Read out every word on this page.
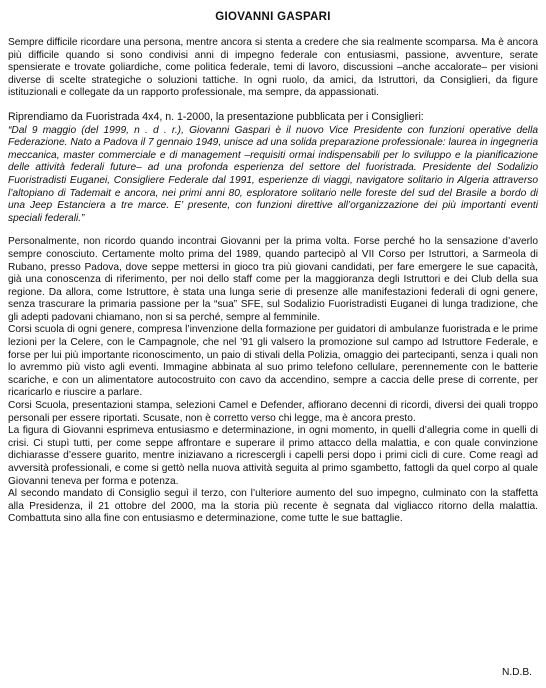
GIOVANNI GASPARI

Sempre difficile ricordare una persona, mentre ancora si stenta a credere che sia realmente scomparsa. Ma è ancora più difficile quando si sono condivisi anni di impegno federale con entusiasmi, passione, avventure, serate spensierate e trovate goliardiche, come politica federale, temi di lavoro, discussioni –anche accalorate– per visioni diverse di scelte strategiche o soluzioni tattiche. In ogni ruolo, da amici, da Istruttori, da Consiglieri, da figure istituzionali e collegate da un rapporto professionale, ma sempre, da appassionati.

Riprendiamo da Fuoristrada 4x4, n. 1-2000, la presentazione pubblicata per i Consiglieri:

“Dal 9 maggio (del 1999, n . d . r.), Giovanni Gaspari è il nuovo Vice Presidente con funzioni operative della Federazione. Nato a Padova il 7 gennaio 1949, unisce ad una solida preparazione professionale: laurea in ingegneria meccanica, master commerciale e di management –requisiti ormai indispensabili per lo sviluppo e la pianificazione delle attività federali future– ad una profonda esperienza del settore del fuoristrada. Presidente del Sodalizio Fuoristradisti Euganei, Consigliere Federale dal 1991, esperienze di viaggi, navigatore solitario in Algeria attraverso l’altopiano di Tademait e ancora, nei primi anni 80, esploratore solitario nelle foreste del sud del Brasile a bordo di una Jeep Estanciera a tre marce. E’ presente, con funzioni direttive all’organizzazione dei più importanti eventi speciali federali.”

Personalmente, non ricordo quando incontrai Giovanni per la prima volta. Forse perché ho la sensazione d’averlo sempre conosciuto. Certamente molto prima del 1989, quando partecipò al VII Corso per Istruttori, a Sarmeola di Rubano, presso Padova, dove seppe mettersi in gioco tra più giovani candidati, per fare emergere le sue capacità, già una conoscenza di riferimento, per noi dello staff come per la maggioranza degli Istruttori e dei Club della sua regione. Da allora, come Istruttore, è stata una lunga serie di presenze alle manifestazioni federali di ogni genere, senza trascurare la primaria passione per la “sua” SFE, sul Sodalizio Fuoristradisti Euganei di lunga tradizione, che gli adepti padovani chiamano, non si sa perché, sempre al femminile.

Corsi scuola di ogni genere, compresa l’invenzione della formazione per guidatori di ambulanze fuoristrada e le prime lezioni per la Celere, con le Campagnole, che nel ’91 gli valsero la promozione sul campo ad Istruttore Federale, e forse per lui più importante riconoscimento, un paio di stivali della Polizia, omaggio dei partecipanti, senza i quali non lo avremmo più visto agli eventi. Immagine abbinata al suo primo telefono cellulare, perennemente con le batterie scariche, e con un alimentatore autocostruito con cavo da accendino, sempre a caccia delle prese di corrente, per ricaricarlo e riuscire a parlare.

Corsi Scuola, presentazioni stampa, selezioni Camel e Defender, affiorano decenni di ricordi, diversi dei quali troppo personali per essere riportati. Scusate, non è corretto verso chi legge, ma è ancora presto.

La figura di Giovanni esprimeva entusiasmo e determinazione, in ogni momento, in quelli d’allegria come in quelli di crisi. Ci stupì tutti, per come seppe affrontare e superare il primo attacco della malattia, e con quale convinzione dichiarasse d’essere guarito, mentre iniziavano a ricrescergli i capelli persi dopo i primi cicli di cure. Come reagì ad avversità professionali, e come si gettò nella nuova attività seguita al primo sgambetto, fattogli da quel corpo al quale Giovanni teneva per forma e potenza.

Al secondo mandato di Consiglio seguì il terzo, con l’ulteriore aumento del suo impegno, culminato con la staffetta alla Presidenza, il 21 ottobre del 2000, ma la storia più recente è segnata dal vigliacco ritorno della malattia. Combattuta sino alla fine con entusiasmo e determinazione, come tutte le sue battaglie.

N.D.B.
